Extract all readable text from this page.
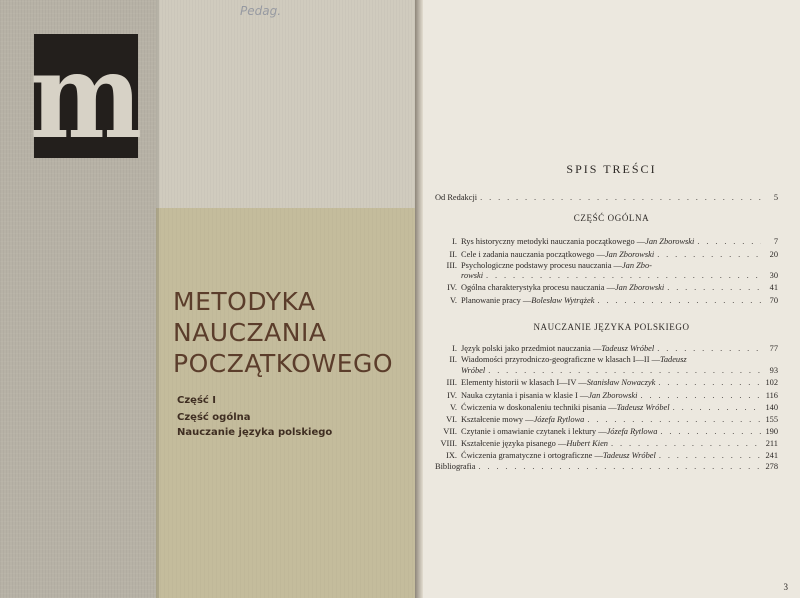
m
Pedag.
METODYKA
NAUCZANIA
POCZĄTKOWEGO
Część I
Część ogólna
Nauczanie języka polskiego
SPIS TREŚCI
Od Redakcji . . .	5
CZĘŚĆ OGÓLNA
I. Rys historyczny metodyki nauczania początkowego — Jan Zborowski . . .	7
II. Cele i zadania nauczania początkowego — Jan Zborowski . . .	20
III. Psychologiczne podstawy procesu nauczania — Jan Zbo-
rowski . . .	30
IV. Ogólna charakterystyka procesu nauczania — Jan Zborowski . . .	41
V. Planowanie pracy — Bolesław Wytrążek . . .	70
NAUCZANIE JĘZYKA POLSKIEGO
I. Język polski jako przedmiot nauczania — Tadeusz Wróbel . . .	77
II. Wiadomości przyrodniczo-geograficzne w klasach I—II — Tadeusz
Wróbel . . .	93
III. Elementy historii w klasach I—IV — Stanisław Nowaczyk . . .	102
IV. Nauka czytania i pisania w klasie I — Jan Zborowski . . .	116
V. Ćwiczenia w doskonaleniu techniki pisania — Tadeusz Wróbel . . .	140
VI. Kształcenie mowy — Józefa Rytlowa . . .	155
VII. Czytanie i omawianie czytanek i lektury — Józefa Rytlowa . . .	190
VIII. Kształcenie języka pisanego — Hubert Kien . . .	211
IX. Ćwiczenia gramatyczne i ortograficzne — Tadeusz Wróbel . . .	241
Bibliografia . . .	278
3
